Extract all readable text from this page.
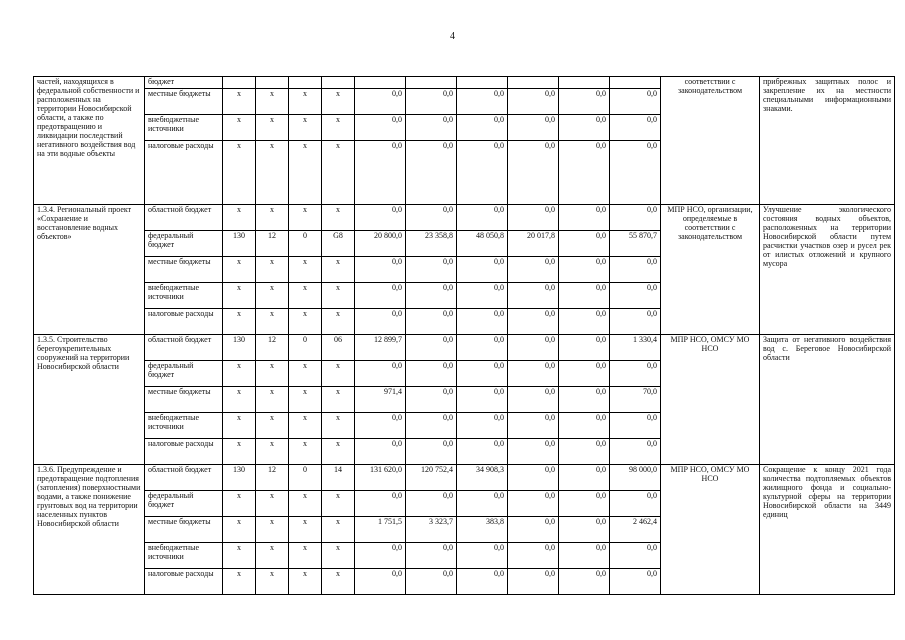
4
частей, находящихся в федеральной собственности и расположенных на территории Новосибирской области, а также по предотвращению и ликвидации последствий негативного воздействия вод на эти водные объекты	бюджет											соответствии с законодательством	прибрежных защитных полос и закрепление их на местности специальными информационными знаками.
	местные бюджеты	x	x	x	x	0,0	0,0	0,0	0,0	0,0	0,0		
	внебюджетные источники	x	x	x	x	0,0	0,0	0,0	0,0	0,0	0,0		
	налоговые расходы	x	x	x	x	0,0	0,0	0,0	0,0	0,0	0,0		
1.3.4. Региональный проект «Сохранение и восстановление водных объектов»	областной бюджет	x	x	x	x	0,0	0,0	0,0	0,0	0,0	0,0	МПР НСО, организации, определяемые в соответствии с законодательством	Улучшение экологического состояния водных объектов, расположенных на территории Новосибирской области путем расчистки участков озер и русел рек от илистых отложений и крупного мусора
	федеральный бюджет	130	12	0	G8	20 800,0	23 358,8	48 050,8	20 017,8	0,0	55 870,7		
	местные бюджеты	x	x	x	x	0,0	0,0	0,0	0,0	0,0	0,0		
	внебюджетные источники	x	x	x	x	0,0	0,0	0,0	0,0	0,0	0,0		
	налоговые расходы	x	x	x	x	0,0	0,0	0,0	0,0	0,0	0,0		
1.3.5. Строительство берегоукрепительных сооружений на территории Новосибирской области	областной бюджет	130	12	0	06	12 899,7	0,0	0,0	0,0	0,0	1 330,4	МПР НСО, ОМСУ МО НСО	Защита от негативного воздействия вод с. Береговое Новосибирской области
	федеральный бюджет	x	x	x	x	0,0	0,0	0,0	0,0	0,0	0,0		
	местные бюджеты	x	x	x	x	971,4	0,0	0,0	0,0	0,0	70,0		
	внебюджетные источники	x	x	x	x	0,0	0,0	0,0	0,0	0,0	0,0		
	налоговые расходы	x	x	x	x	0,0	0,0	0,0	0,0	0,0	0,0		
1.3.6. Предупреждение и предотвращение подтопления (затопления) поверхностными водами, а также понижение грунтовых вод на территории населенных пунктов Новосибирской области	областной бюджет	130	12	0	14	131 620,0	120 752,4	34 908,3	0,0	0,0	98 000,0	МПР НСО, ОМСУ МО НСО	Сокращение к концу 2021 года количества подтопляемых объектов жилищного фонда и социально-культурной сферы на территории Новосибирской области на 3449 единиц
	федеральный бюджет	x	x	x	x	0,0	0,0	0,0	0,0	0,0	0,0		
	местные бюджеты	x	x	x	x	1 751,5	3 323,7	383,8	0,0	0,0	2 462,4		
	внебюджетные источники	x	x	x	x	0,0	0,0	0,0	0,0	0,0	0,0		
	налоговые расходы	x	x	x	x	0,0	0,0	0,0	0,0	0,0	0,0		
